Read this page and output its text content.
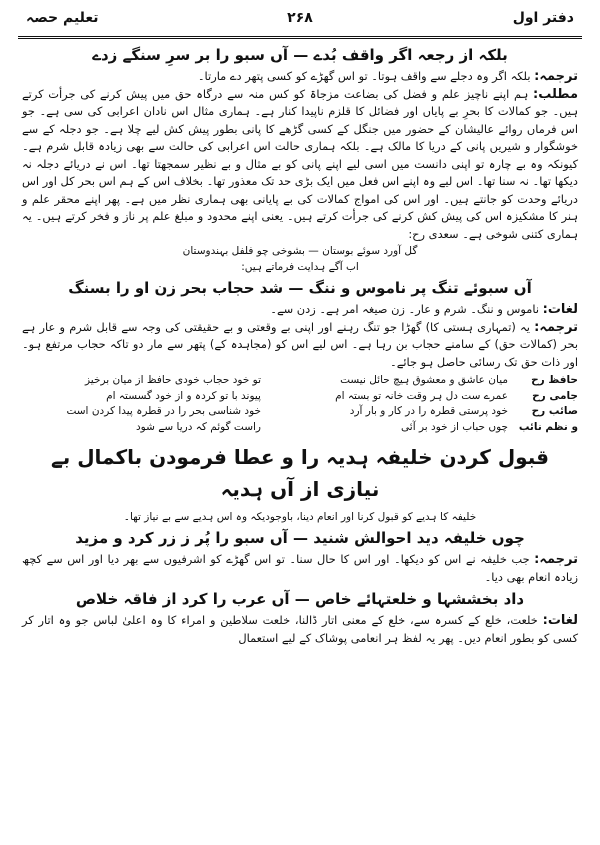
دفتر اول
۲۶۸
تعلیم حصہ

بلکہ از رجعہ اگر واقف بُدے — آں سبو را بر سرِ سنگے زدے

ترجمہ: بلکہ اگر وہ دجلے سے واقف ہوتا۔ تو اس گھڑے کو کسی پتھر دے مارتا۔

مطلب: ہم اپنے ناچیز علم و فضل کی بضاعت مزجاۃ کو کس منہ سے درگاہ حق میں پیش کرنے کی جرأت کرتے ہیں۔ جو کمالات کا بحرِ بے پایاں اور فضائل کا قلزم ناپیدا کنار ہے۔ ہماری مثال اس نادان اعرابی کی سی ہے۔ جو اس فرماں روائے عالیشان کے حضور میں جنگل کے کسی گڑھے کا پانی بطور پیش کش لیے چلا ہے۔ جو دجلہ کے سے خوشگوار و شیریں پانی کے دریا کا مالک ہے۔ بلکہ ہماری حالت اس اعرابی کی حالت سے بھی زیادہ قابل شرم ہے۔ کیونکہ وہ بے چارہ تو اپنی دانست میں اسی لیے اپنے پانی کو بے مثال و بے نظیر سمجھتا تھا۔ اس نے دریائے دجلہ نہ دیکھا تھا۔ نہ سنا تھا۔ اس لیے وہ اپنے اس فعل میں ایک بڑی حد تک معذور تھا۔ بخلاف اس کے ہم اس بحر کل اور اس دریائے وحدت کو جانتے ہیں۔ اور اس کی امواج کمالات کی بے پایانی بھی ہماری نظر میں ہے۔ پھر اپنے محقر علم و ہنر کا مشکیزہ اس کی پیش کش کرنے کی جرأت کرتے ہیں۔ یعنی اپنے محدود و مبلغ علم پر ناز و فخر کرتے ہیں۔ یہ ہماری کتنی شوخی ہے۔ سعدی رح:

گل آورد سوئے بوستان — بشوخی چو فلفل بہندوستان

اب آگے ہدایت فرماتے ہیں:

آں سبوئے تنگ پر ناموس و ننگ — شد حجاب بحر زن او را بسنگ

لغات: ناموس و ننگ۔ شرم و عار۔ زن صیغہ امر ہے۔ زدن سے۔

ترجمہ: یہ (تمہاری ہستی کا) گھڑا جو تنگ رہنے اور اپنی بے وقعتی و بے حقیقتی کی وجہ سے قابل شرم و عار ہے بحر (کمالات حق) کے سامنے حجاب بن رہا ہے۔ اس لیے اس کو (مجاہدہ کے) پتھر سے مار دو تاکہ حجاب مرتفع ہو۔ اور ذات حق تک رسائی حاصل ہو جائے۔

حافظ رح
میان عاشق و معشوق ہیچ حائل نیست
تو خود حجاب خودی حافظ از میان برخیز
جامی رح
عمرے ست دل ہر وقت خانہ تو بستہ ام
پیوند با تو کردہ و از خود گسستہ ام
صائب رح
خود پرستی قطرہ را در کار و بار آرد
خود شناسی بحر را در قطرہ پیدا کردن است
و نظم نائب
چوں حباب از خود بر آئی
راست گوئم کہ دریا سے شود

قبول کردن خلیفہ ہدیہ را و عطا فرمودن باکمال بے نیازی از آں ہدیہ

خلیفہ کا ہدیے کو قبول کرنا اور انعام دینا، باوجودیکہ وہ اس ہدیے سے بے نیاز تھا۔

چوں خلیفہ دید احوالش شنید — آں سبو را پُر ز زر کرد و مزید

ترجمہ: جب خلیفہ نے اس کو دیکھا۔ اور اس کا حال سنا۔ تو اس گھڑے کو اشرفیوں سے بھر دیا اور اس سے کچھ زیادہ انعام بھی دیا۔

داد بخششہا و خلعتہائے خاص — آں عرب را کرد از فاقہ خلاص

لغات: خلعت، خلع کے کسرہ سے، خلع کے معنی اتار ڈالنا، خلعت سلاطین و امراء کا وہ اعلیٰ لباس جو وہ اتار کر کسی کو بطور انعام دیں۔ پھر یہ لفظ ہر انعامی پوشاک کے لیے استعمال
